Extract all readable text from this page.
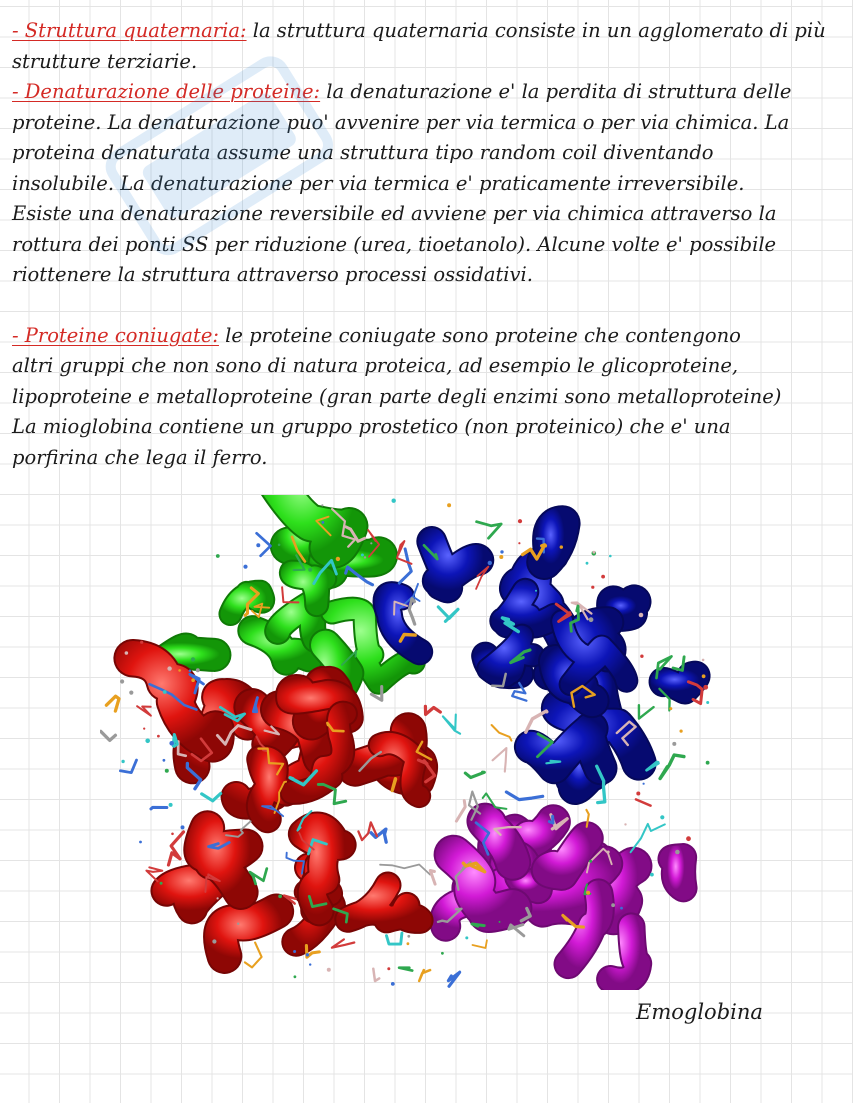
- Struttura quaternaria: la struttura quaternaria consiste in un agglomerato di più
strutture terziarie.
- Denaturazione delle proteine: la denaturazione e' la perdita di struttura delle
proteine. La denaturazione puo' avvenire per via termica o per via chimica. La
proteina denaturata assume una struttura tipo random coil diventando
insolubile. La denaturazione per via termica e' praticamente irreversibile.
Esiste una denaturazione reversibile ed avviene per via chimica attraverso la
rottura dei ponti SS per riduzione (urea, tioetanolo). Alcune volte e' possibile
riottenere la struttura attraverso processi ossidativi.
- Proteine coniugate: le proteine coniugate sono proteine che contengono
altri gruppi che non sono di natura proteica, ad esempio le glicoproteine,
lipoproteine e metalloproteine (gran parte degli enzimi sono metalloproteine)
La mioglobina contiene un gruppo prostetico (non proteinico) che e' una
porfirina che lega il ferro.
Emoglobina
